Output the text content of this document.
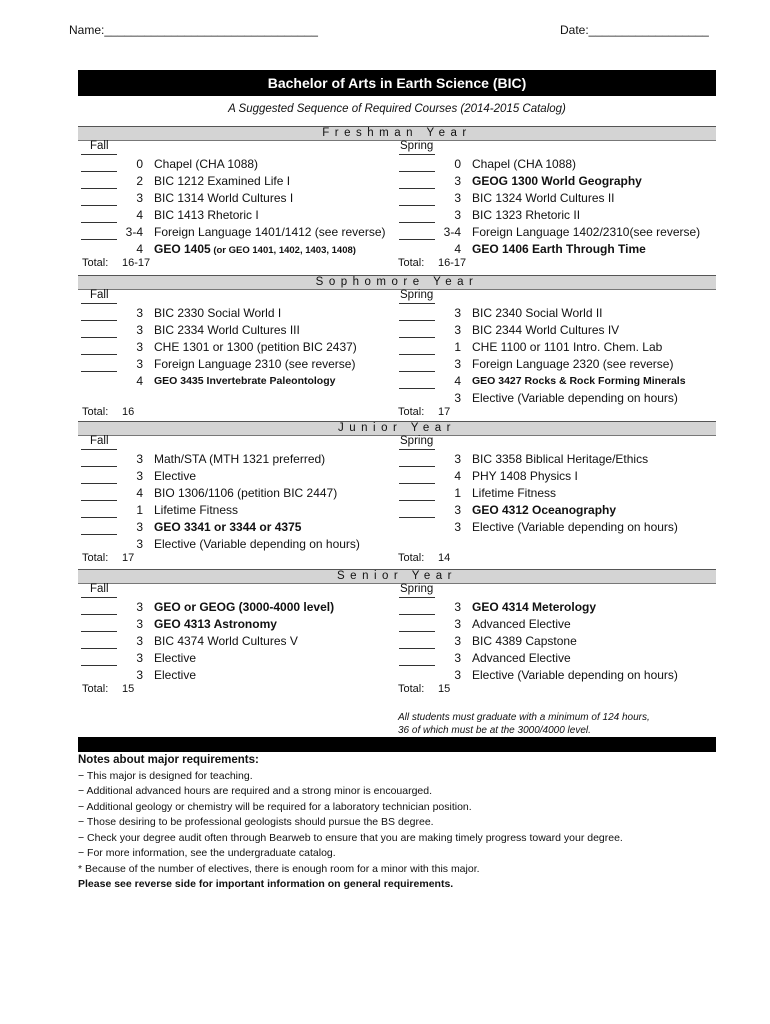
Name:________________________________	Date:__________________
Bachelor of Arts in Earth Science (BIC)
A Suggested Sequence of Required Courses (2014-2015 Catalog)
Freshman Year
Fall
0 Chapel (CHA 1088)
2 BIC 1212 Examined Life I
3 BIC 1314 World Cultures I
4 BIC 1413 Rhetoric I
3-4 Foreign Language 1401/1412 (see reverse)
4 GEO 1405 (or GEO 1401, 1402, 1403, 1408)
Spring
0 Chapel (CHA 1088)
3 GEOG 1300 World Geography
3 BIC 1324 World Cultures II
3 BIC 1323 Rhetoric II
3-4 Foreign Language 1402/2310(see reverse)
4 GEO 1406 Earth Through Time
Total: 16-17	Total: 16-17
Sophomore Year
Fall
3 BIC 2330 Social World I
3 BIC 2334 World Cultures III
3 CHE 1301 or 1300 (petition BIC 2437)
3 Foreign Language 2310 (see reverse)
4 GEO 3435 Invertebrate Paleontology
Spring
3 BIC 2340 Social World II
3 BIC 2344 World Cultures IV
1 CHE 1100 or 1101 Intro. Chem. Lab
3 Foreign Language 2320 (see reverse)
4 GEO 3427 Rocks & Rock Forming Minerals
3 Elective (Variable depending on hours)
Total: 16	Total: 17
Junior Year
Fall
3 Math/STA (MTH 1321 preferred)
3 Elective
4 BIO 1306/1106 (petition BIC 2447)
1 Lifetime Fitness
3 GEO 3341 or 3344 or 4375
3 Elective (Variable depending on hours)
Spring
3 BIC 3358 Biblical Heritage/Ethics
4 PHY 1408 Physics I
1 Lifetime Fitness
3 GEO 4312 Oceanography
3 Elective (Variable depending on hours)
Total: 17	Total: 14
Senior Year
Fall
3 GEO or GEOG (3000-4000 level)
3 GEO 4313 Astronomy
3 BIC 4374 World Cultures V
3 Elective
3 Elective
Spring
3 GEO 4314 Meterology
3 Advanced Elective
3 BIC 4389 Capstone
3 Advanced Elective
3 Elective (Variable depending on hours)
Total: 15	Total: 15
All students must graduate with a minimum of 124 hours,
36 of which must be at the 3000/4000 level.
Notes about major requirements:
− This major is designed for teaching.
− Additional advanced hours are required and a strong minor is encouarged.
− Additional geology or chemistry will be required for a laboratory technician position.
− Those desiring to be professional geologists should pursue the BS degree.
− Check your degree audit often through Bearweb to ensure that you are making timely progress toward your degree.
− For more information, see the undergraduate catalog.
* Because of the number of electives, there is enough room for a minor with this major.
Please see reverse side for important information on general requirements.
